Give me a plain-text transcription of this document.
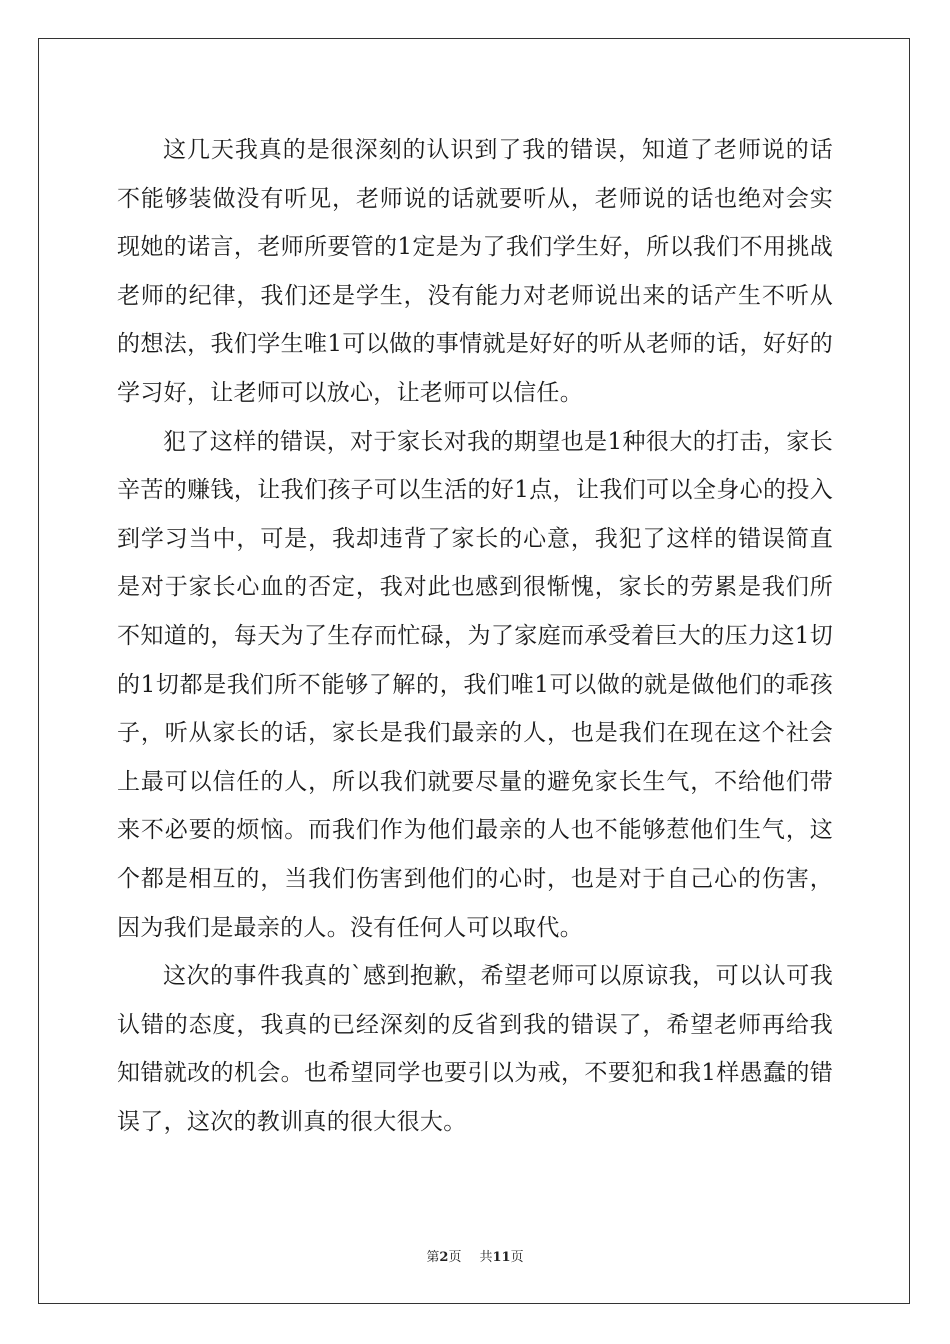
这几天我真的是很深刻的认识到了我的错误，知道了老师说的话不能够装做没有听见，老师说的话就要听从，老师说的话也绝对会实现她的诺言，老师所要管的1定是为了我们学生好，所以我们不用挑战老师的纪律，我们还是学生，没有能力对老师说出来的话产生不听从的想法，我们学生唯1可以做的事情就是好好的听从老师的话，好好的学习好，让老师可以放心，让老师可以信任。

犯了这样的错误，对于家长对我的期望也是1种很大的打击，家长辛苦的赚钱，让我们孩子可以生活的好1点，让我们可以全身心的投入到学习当中，可是，我却违背了家长的心意，我犯了这样的错误简直是对于家长心血的否定，我对此也感到很惭愧，家长的劳累是我们所不知道的，每天为了生存而忙碌，为了家庭而承受着巨大的压力这1切的1切都是我们所不能够了解的，我们唯1可以做的就是做他们的乖孩子，听从家长的话，家长是我们最亲的人，也是我们在现在这个社会上最可以信任的人，所以我们就要尽量的避免家长生气，不给他们带来不必要的烦恼。而我们作为他们最亲的人也不能够惹他们生气，这个都是相互的，当我们伤害到他们的心时，也是对于自己心的伤害，因为我们是最亲的人。没有任何人可以取代。

这次的事件我真的`感到抱歉，希望老师可以原谅我，可以认可我认错的态度，我真的已经深刻的反省到我的错误了，希望老师再给我知错就改的机会。也希望同学也要引以为戒，不要犯和我1样愚蠢的错误了，这次的教训真的很大很大。

第2页 共11页
